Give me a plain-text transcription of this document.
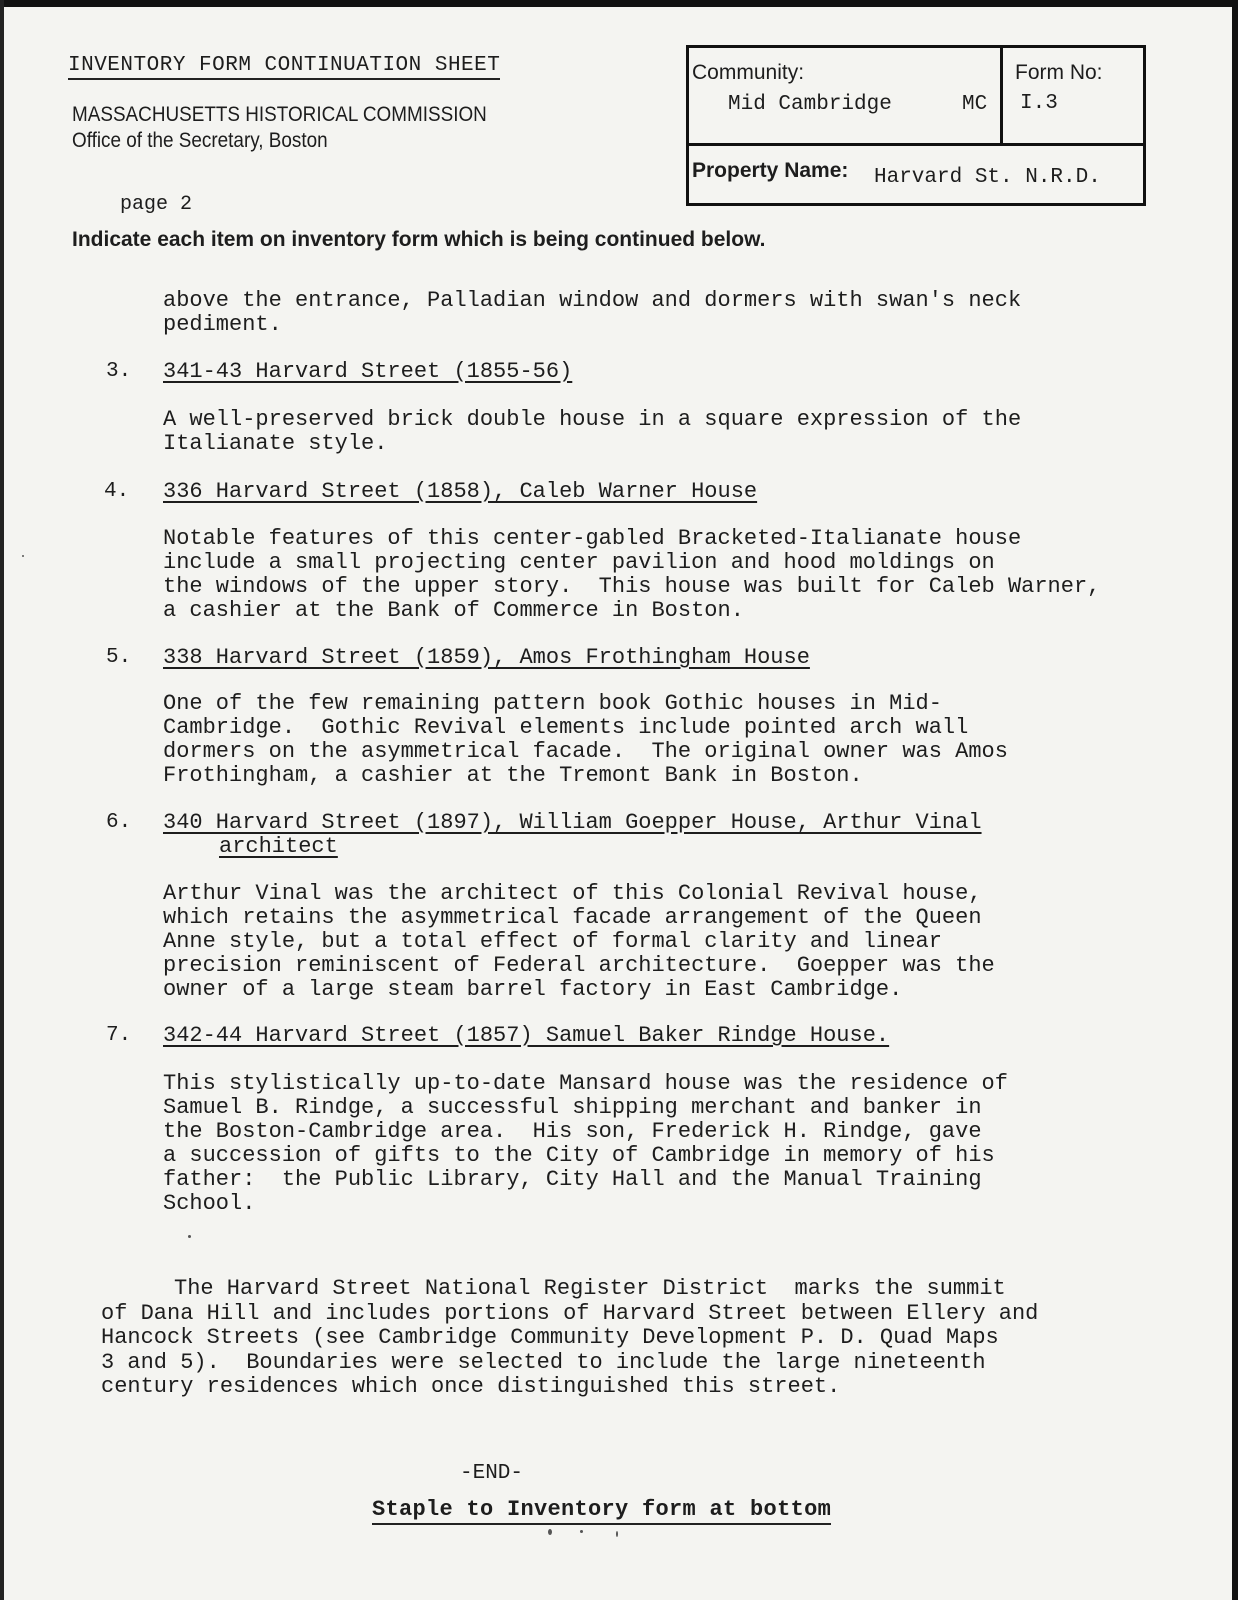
INVENTORY FORM CONTINUATION SHEET
MASSACHUSETTS HISTORICAL COMMISSION
Office of the Secretary, Boston
Community:
Mid Cambridge	MC
Form No:
I.3
Property Name: Harvard St. N.R.D.
page 2
Indicate each item on inventory form which is being continued below.
above the entrance, Palladian window and dormers with swan's neck
pediment.
3. 341-43 Harvard Street (1855-56)
A well-preserved brick double house in a square expression of the
Italianate style.
4. 336 Harvard Street (1858), Caleb Warner House
Notable features of this center-gabled Bracketed-Italianate house
include a small projecting center pavilion and hood moldings on
the windows of the upper story.  This house was built for Caleb Warner,
a cashier at the Bank of Commerce in Boston.
5. 338 Harvard Street (1859), Amos Frothingham House
One of the few remaining pattern book Gothic houses in Mid-
Cambridge.  Gothic Revival elements include pointed arch wall
dormers on the asymmetrical facade.  The original owner was Amos
Frothingham, a cashier at the Tremont Bank in Boston.
6. 340 Harvard Street (1897), William Goepper House, Arthur Vinal
architect
Arthur Vinal was the architect of this Colonial Revival house,
which retains the asymmetrical facade arrangement of the Queen
Anne style, but a total effect of formal clarity and linear
precision reminiscent of Federal architecture.  Goepper was the
owner of a large steam barrel factory in East Cambridge.
7. 342-44 Harvard Street (1857) Samuel Baker Rindge House.
This stylistically up-to-date Mansard house was the residence of
Samuel B. Rindge, a successful shipping merchant and banker in
the Boston-Cambridge area.  His son, Frederick H. Rindge, gave
a succession of gifts to the City of Cambridge in memory of his
father:  the Public Library, City Hall and the Manual Training
School.
The Harvard Street National Register District  marks the summit
of Dana Hill and includes portions of Harvard Street between Ellery and
Hancock Streets (see Cambridge Community Development P. D. Quad Maps
3 and 5).  Boundaries were selected to include the large nineteenth
century residences which once distinguished this street.
-END-
Staple to Inventory form at bottom
